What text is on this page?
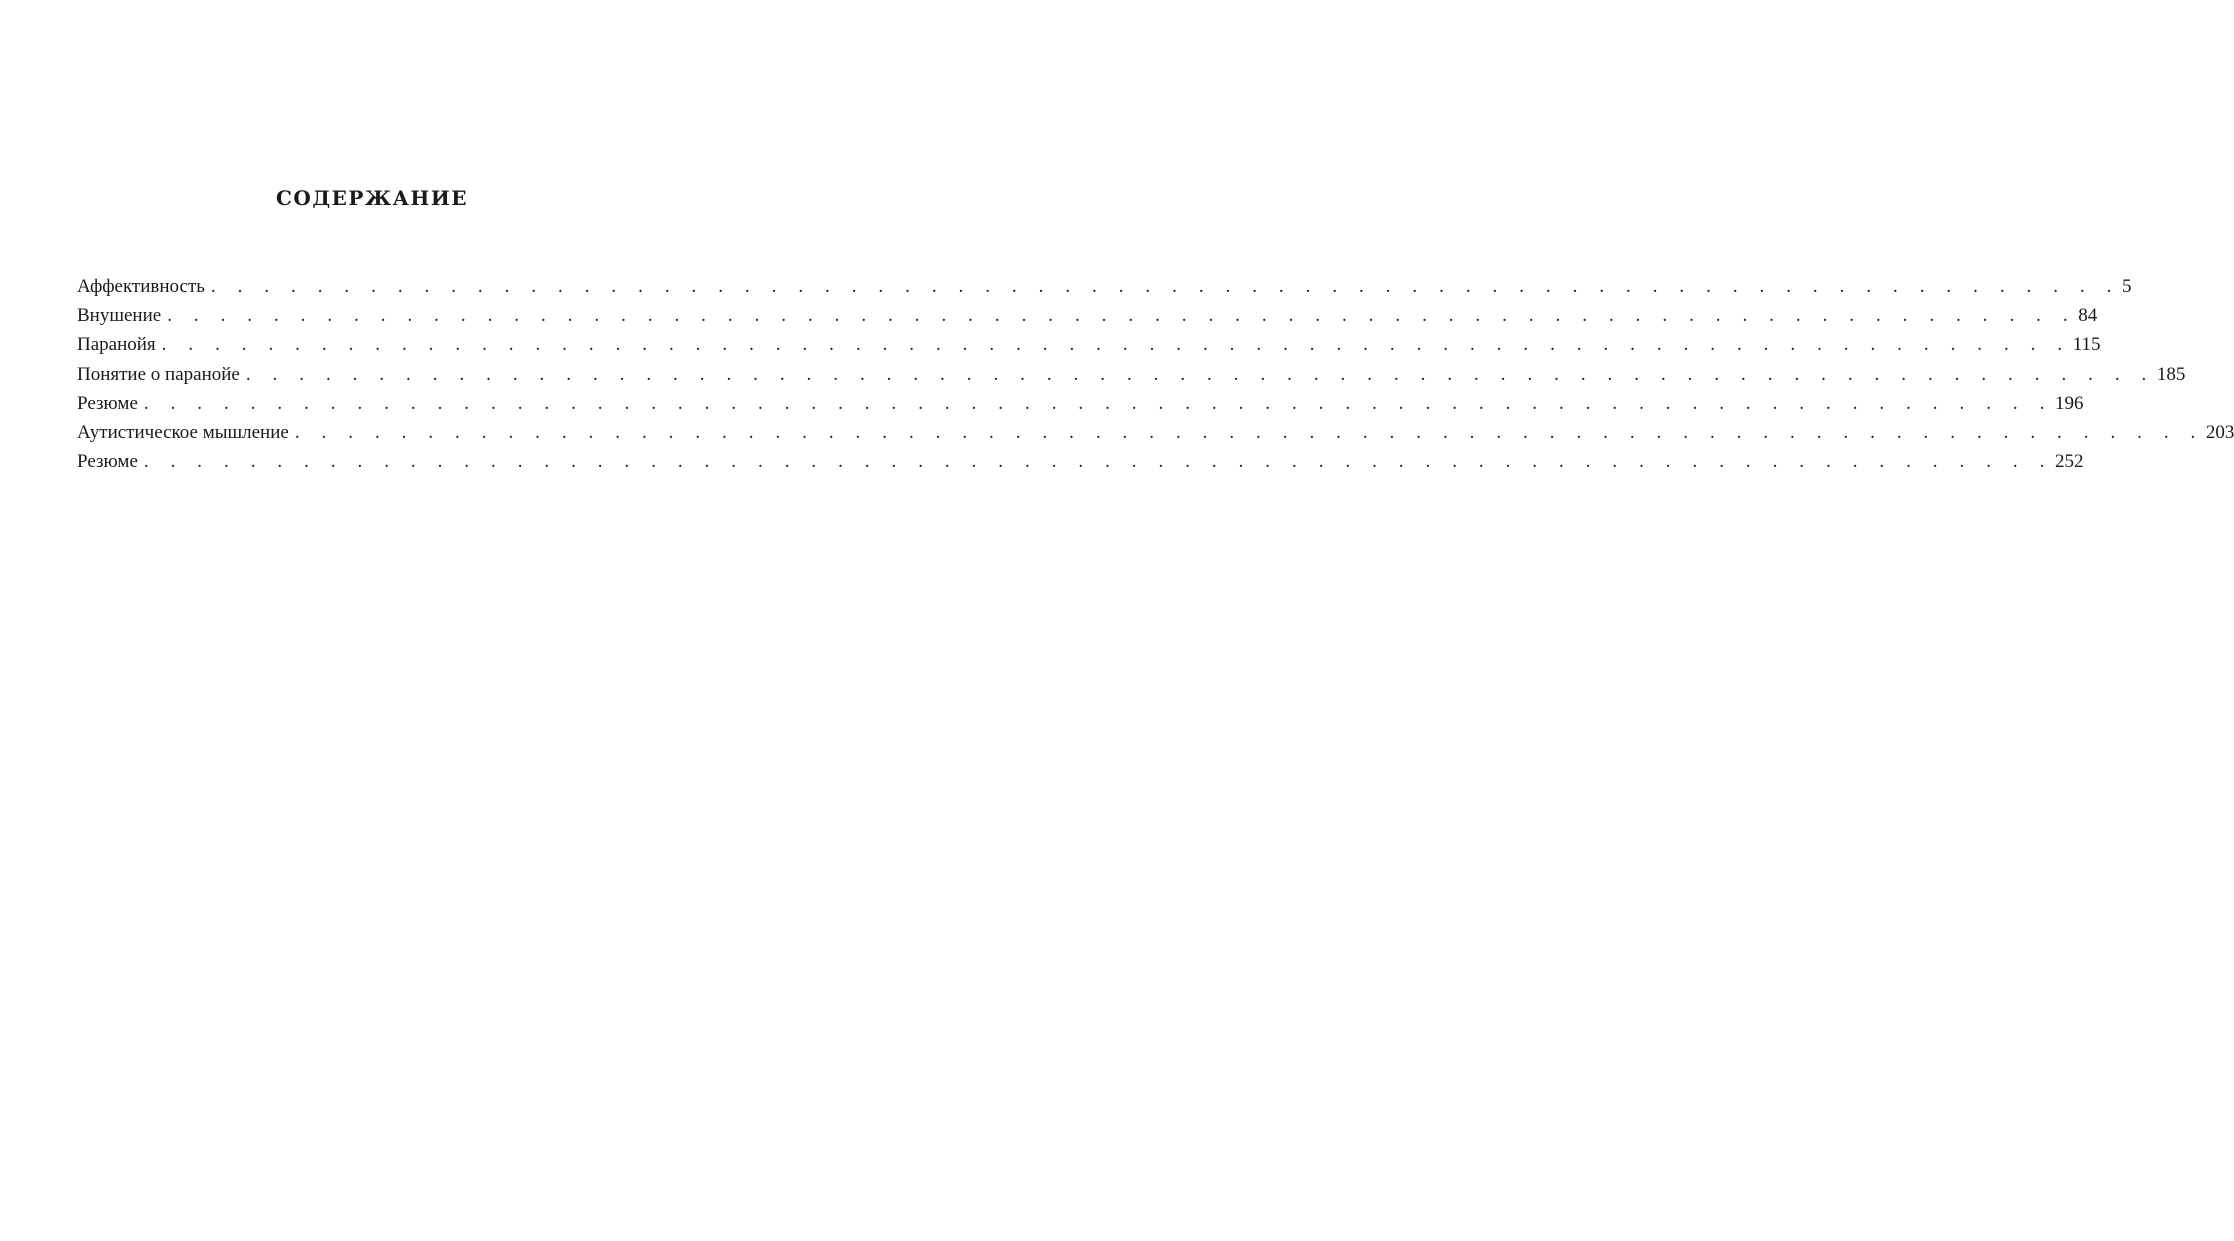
СОДЕРЖАНИЕ
Аффективность . . . . . . . . . . . . . . . . . . . . . . . . . . . . . . . . . . . . . . . . . . . . . . . . . . . . . . . . . . . . . . . . . . . . . . . . 5
Внушение . . . . . . . . . . . . . . . . . . . . . . . . . . . . . . . . . . . . . . . . . . . . . . . . . . . . . . . . . . . . . . . . . . . . . . . . 84
Паранойя . . . . . . . . . . . . . . . . . . . . . . . . . . . . . . . . . . . . . . . . . . . . . . . . . . . . . . . . . . . . . . . . . . . . . . . . 115
Понятие о паранойе . . . . . . . . . . . . . . . . . . . . . . . . . . . . . . . . . . . . . . . . . . . . . . . . . . . . . . . . . . . . . . . . . . . . . . . . 185
Резюме . . . . . . . . . . . . . . . . . . . . . . . . . . . . . . . . . . . . . . . . . . . . . . . . . . . . . . . . . . . . . . . . . . . . . . . . 196
Аутистическое мышление . . . . . . . . . . . . . . . . . . . . . . . . . . . . . . . . . . . . . . . . . . . . . . . . . . . . . . . . . . . . . . . . . . . . . . . . 203
Резюме . . . . . . . . . . . . . . . . . . . . . . . . . . . . . . . . . . . . . . . . . . . . . . . . . . . . . . . . . . . . . . . . . . . . . . . . 252
